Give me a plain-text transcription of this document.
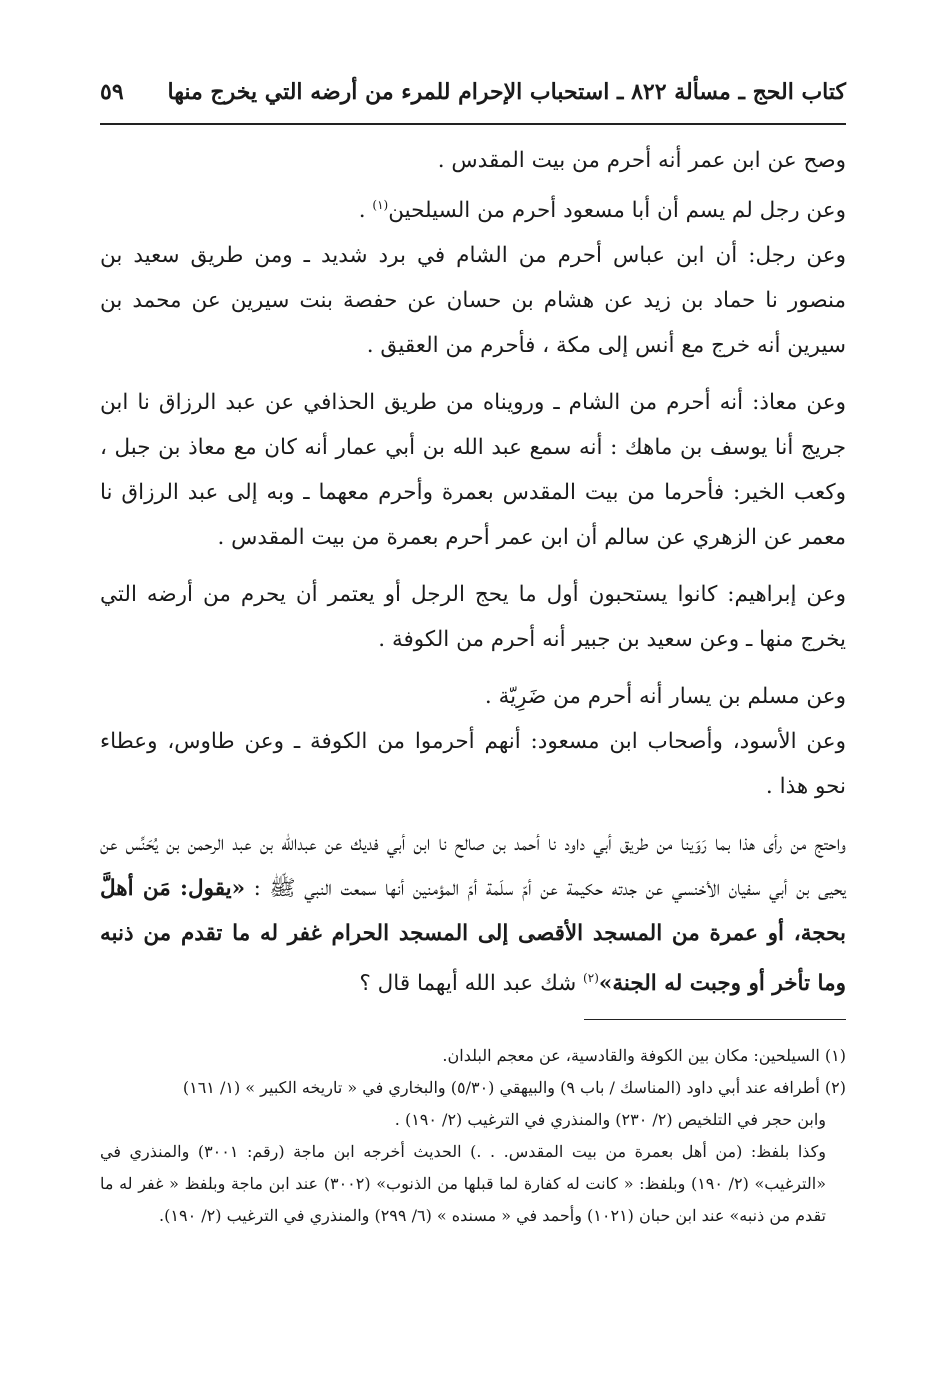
كتاب الحج ـ مسألة ٨٢٢ ـ استحباب الإحرام للمرء من أرضه التي يخرج منها
٥٩

وصح عن ابن عمر أنه أحرم من بيت المقدس .

وعن رجل لم يسم أن أبا مسعود أحرم من السيلحين$^{(١)}$ .

وعن رجل: أن ابن عباس أحرم من الشام في برد شديد ـ ومن طريق سعيد بن منصور نا حماد بن زيد عن هشام بن حسان عن حفصة بنت سيرين عن محمد بن سيرين أنه خرج مع أنس إلى مكة ، فأحرم من العقيق .

وعن معاذ: أنه أحرم من الشام ـ ورويناه من طريق الحذافي عن عبد الرزاق نا ابن جريج أنا يوسف بن ماهك : أنه سمع عبد الله بن أبي عمار أنه كان مع معاذ بن جبل ، وكعب الخير: فأحرما من بيت المقدس بعمرة وأحرم معهما ـ وبه إلى عبد الرزاق نا معمر عن الزهري عن سالم أن ابن عمر أحرم بعمرة من بيت المقدس .

وعن إبراهيم: كانوا يستحبون أول ما يحج الرجل أو يعتمر أن يحرم من أرضه التي يخرج منها ـ وعن سعيد بن جبير أنه أحرم من الكوفة .

وعن مسلم بن يسار أنه أحرم من ضَرِيّة .

وعن الأسود، وأصحاب ابن مسعود: أنهم أحرموا من الكوفة ـ وعن طاوس، وعطاء نحو هذا .

واحتج من رأى هذا بما رَوَينا من طريق أبي داود نا أحمد بن صالح نا ابن أبي فديك عن عبدالله بن عبد الرحمن بن يُحَنِّس عن يحيى بن أبي سفيان الأخنسي عن جدته حكيمة عن أمّ سلَمة أمّ المؤمنين أنها سمعت النبي ﷺ : «يقول: مَن أهلَّ بحجة، أو عمرة من المسجد الأقصى إلى المسجد الحرام غفر له ما تقدم من ذنبه وما تأخر أو وجبت له الجنة»$^{(٢)}$ شك عبد الله أيهما قال ؟

(١) السيلحين: مكان بين الكوفة والقادسية، عن معجم البلدان.

(٢) أطرافه عند أبي داود (المناسك / باب ٩) والبيهقي (٥/٣٠) والبخاري في « تاريخه الكبير » (١/ ١٦١)

وابن حجر في التلخيص (٢/ ٢٣٠) والمنذري في الترغيب (٢/ ١٩٠) .

وكذا بلفظ: (من أهل بعمرة من بيت المقدس. . .) الحديث أخرجه ابن ماجة (رقم: ٣٠٠١) والمنذري في «الترغيب» (٢/ ١٩٠) وبلفظ: « كانت له كفارة لما قبلها من الذنوب» (٣٠٠٢) عند ابن ماجة وبلفظ « غفر له ما تقدم من ذنبه» عند ابن حبان (١٠٢١) وأحمد في « مسنده » (٦/ ٢٩٩) والمنذري في الترغيب (٢/ ١٩٠).
